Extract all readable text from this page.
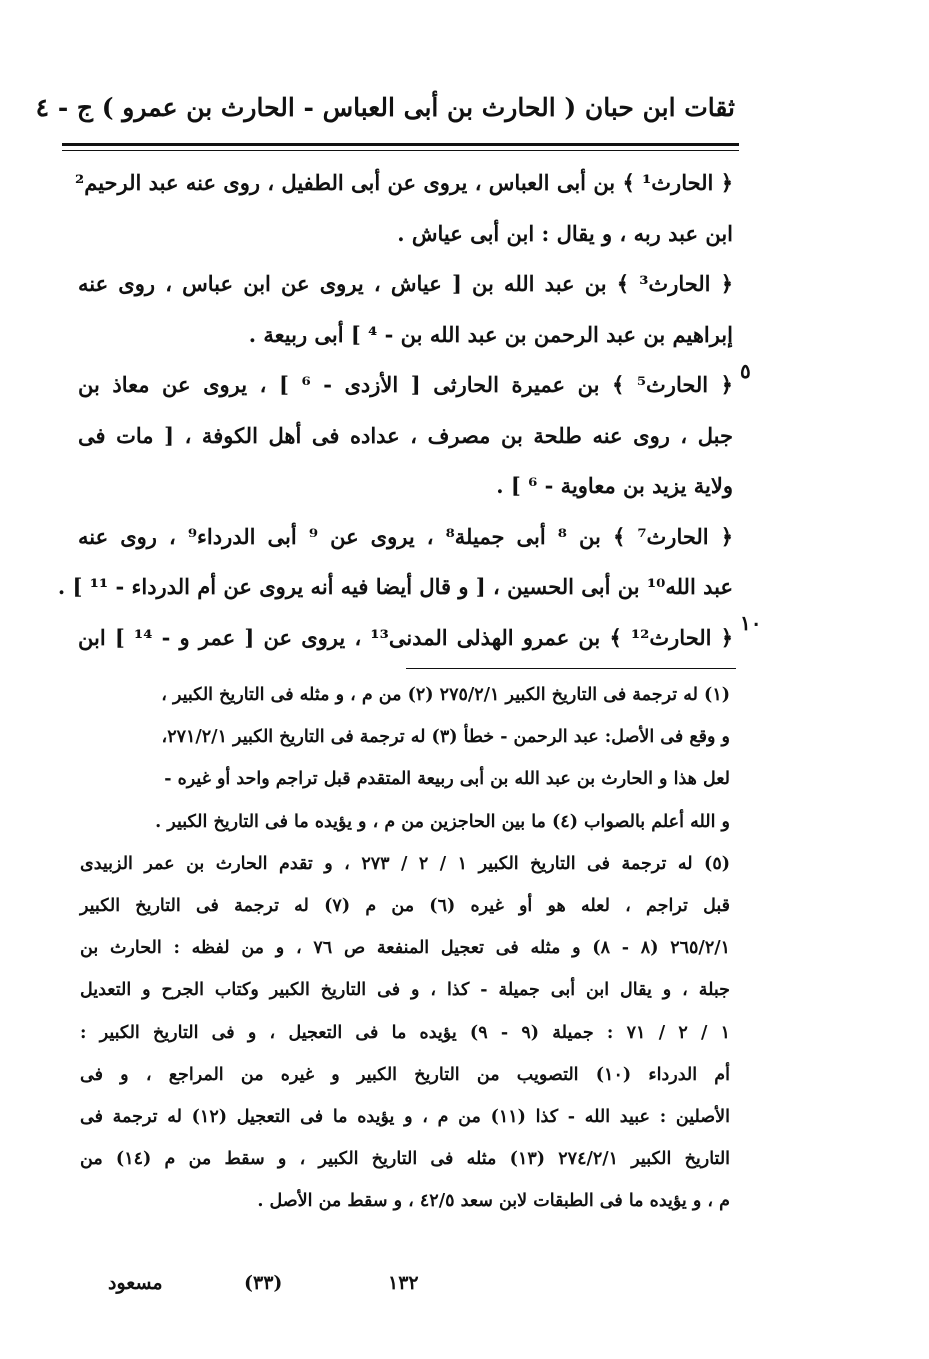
ثقات ابن حبان ( الحارث بن أبى العباس - الحارث بن عمرو ) ج - ٤
﴿ الحارث¹ ﴾ بن أبى العباس ، يروى عن أبى الطفيل ، روى عنه عبد الرحيم²
ابن عبد ربه ، و يقال : ابن أبى عياش .
﴿ الحارث³ ﴾ بن عبد الله بن [ عياش ، يروى عن ابن عباس ، روى عنه
إبراهيم بن عبد الرحمن بن عبد الله بن - ⁴ ] أبى ربيعة .
﴿ الحارث⁵ ﴾ بن عميرة الحارثى [ الأزدى - ⁶ ] ، يروى عن معاذ بن
جبل ، روى عنه طلحة بن مصرف ، عداده فى أهل الكوفة ، [ مات فى
ولاية يزيد بن معاوية - ⁶ ] .
﴿ الحارث⁷ ﴾ بن ⁸ أبى جميلة⁸ ، يروى عن ⁹ أبى الدرداء⁹ ، روى عنه
عبد الله¹⁰ بن أبى الحسين ، [ و قال أيضا فيه أنه يروى عن أم الدرداء - ¹¹ ] .
﴿ الحارث¹² ﴾ بن عمرو الهذلى المدنى¹³ ، يروى عن [ عمر و - ¹⁴ ] ابن
٥
١٠
(١) له ترجمة فى التاريخ الكبير ٢٧٥/٢/١ (٢) من م ، و مثله فى التاريخ الكبير ،
و وقع فى الأصل: عبد الرحمن - خطأ (٣) له ترجمة فى التاريخ الكبير ٢٧١/٢/١،
لعل هذا و الحارث بن عبد الله بن أبى ربيعة المتقدم قبل تراجم واحد أو غيره -
و الله أعلم بالصواب (٤) ما بين الحاجزين من م ، و يؤيده ما فى التاريخ الكبير .
(٥) له ترجمة فى التاريخ الكبير ١ / ٢ / ٢٧٣ ، و تقدم الحارث بن عمر الزبيدى
قبل تراجم ، لعله هو أو غيره (٦) من م (٧) له ترجمة فى التاريخ الكبير
٢٦٥/٢/١ (٨ - ٨) و مثله فى تعجيل المنفعة ص ٧٦ ، و من لفظه : الحارث بن
جبلة ، و يقال ابن أبى جميلة - كذا ، و فى التاريخ الكبير وكتاب الجرح و التعديل
١ / ٢ / ٧١ : جميلة (٩ - ٩) يؤيده ما فى التعجيل ، و فى التاريخ الكبير :
أم الدرداء (١٠) التصويب من التاريخ الكبير و غيره من المراجع ، و فى
الأصلين : عبيد الله - كذا (١١) من م ، و يؤيده ما فى التعجيل (١٢) له ترجمة فى
التاريخ الكبير ٢٧٤/٢/١ (١٣) مثله فى التاريخ الكبير ، و سقط من م (١٤) من
م ، و يؤيده ما فى الطبقات لابن سعد ٤٢/٥ ، و سقط من الأصل .
١٣٢
(٣٣)
مسعود
